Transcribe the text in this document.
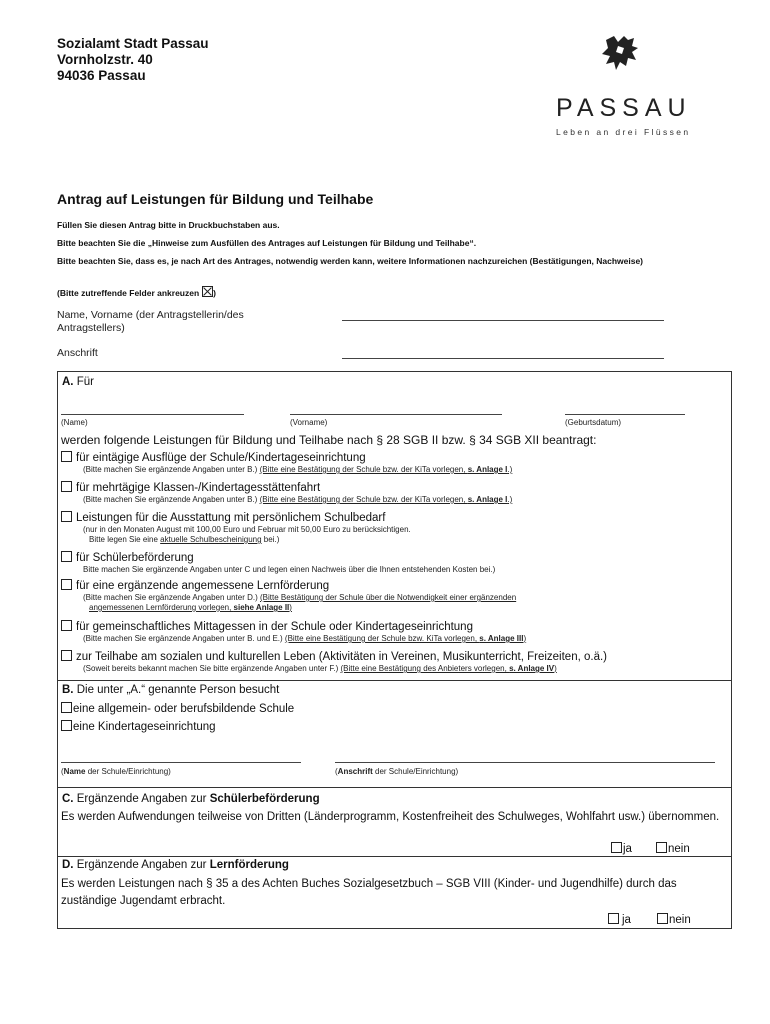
Sozialamt Stadt Passau
Vornholzstr. 40
94036 Passau
PASSAU
Leben an drei Flüssen
Antrag auf Leistungen für Bildung und Teilhabe
Füllen Sie diesen Antrag bitte in Druckbuchstaben aus.
Bitte beachten Sie die „Hinweise zum Ausfüllen des Antrages auf Leistungen für Bildung und Teilhabe“.
Bitte beachten Sie, dass es, je nach Art des Antrages, notwendig werden kann, weitere Informationen nachzureichen (Bestätigungen, Nachweise)
(Bitte zutreffende Felder ankreuzen )
Name, Vorname (der Antragstellerin/des Antragstellers)
Anschrift
A. Für
(Name)	(Vorname)	(Geburtsdatum)
werden folgende Leistungen für Bildung und Teilhabe nach § 28 SGB II bzw. § 34 SGB XII beantragt:
für eintägige Ausflüge der Schule/Kindertageseinrichtung
(Bitte machen Sie ergänzende Angaben unter B.) (Bitte eine Bestätigung der Schule bzw. der KiTa vorlegen, s. Anlage I.)
für mehrtägige Klassen-/Kindertagesstättenfahrt
(Bitte machen Sie ergänzende Angaben unter B.) (Bitte eine Bestätigung der Schule bzw. der KiTa vorlegen, s. Anlage I.)
Leistungen für die Ausstattung mit persönlichem Schulbedarf
(nur in den Monaten August mit 100,00 Euro und Februar mit 50,00 Euro zu berücksichtigen.
Bitte legen Sie eine aktuelle Schulbescheinigung bei.)
für Schülerbeförderung
Bitte machen Sie ergänzende Angaben unter C und legen einen Nachweis über die Ihnen entstehenden Kosten bei.)
für eine ergänzende angemessene Lernförderung
(Bitte machen Sie ergänzende Angaben unter D.) (Bitte Bestätigung der Schule über die Notwendigkeit einer ergänzenden
angemessenen Lernförderung vorlegen, siehe Anlage II)
für gemeinschaftliches Mittagessen in der Schule oder Kindertageseinrichtung
(Bitte machen Sie ergänzende Angaben unter B. und E.) (Bitte eine Bestätigung der Schule bzw. KiTa vorlegen, s. Anlage III)
zur Teilhabe am sozialen und kulturellen Leben (Aktivitäten in Vereinen, Musikunterricht, Freizeiten, o.ä.)
(Soweit bereits bekannt machen Sie bitte ergänzende Angaben unter F.) (Bitte eine Bestätigung des Anbieters vorlegen, s. Anlage IV)
B. Die unter „A.“ genannte Person besucht
eine allgemein- oder berufsbildende Schule
eine Kindertageseinrichtung
(Name der Schule/Einrichtung)	(Anschrift der Schule/Einrichtung)
C. Ergänzende Angaben zur Schülerbeförderung
Es werden Aufwendungen teilweise von Dritten (Länderprogramm, Kostenfreiheit des Schulweges, Wohlfahrt usw.) übernommen.
ja	nein
D. Ergänzende Angaben zur Lernförderung
Es werden Leistungen nach § 35 a des Achten Buches Sozialgesetzbuch – SGB VIII (Kinder- und Jugendhilfe) durch das zuständige Jugendamt erbracht.
ja	nein
